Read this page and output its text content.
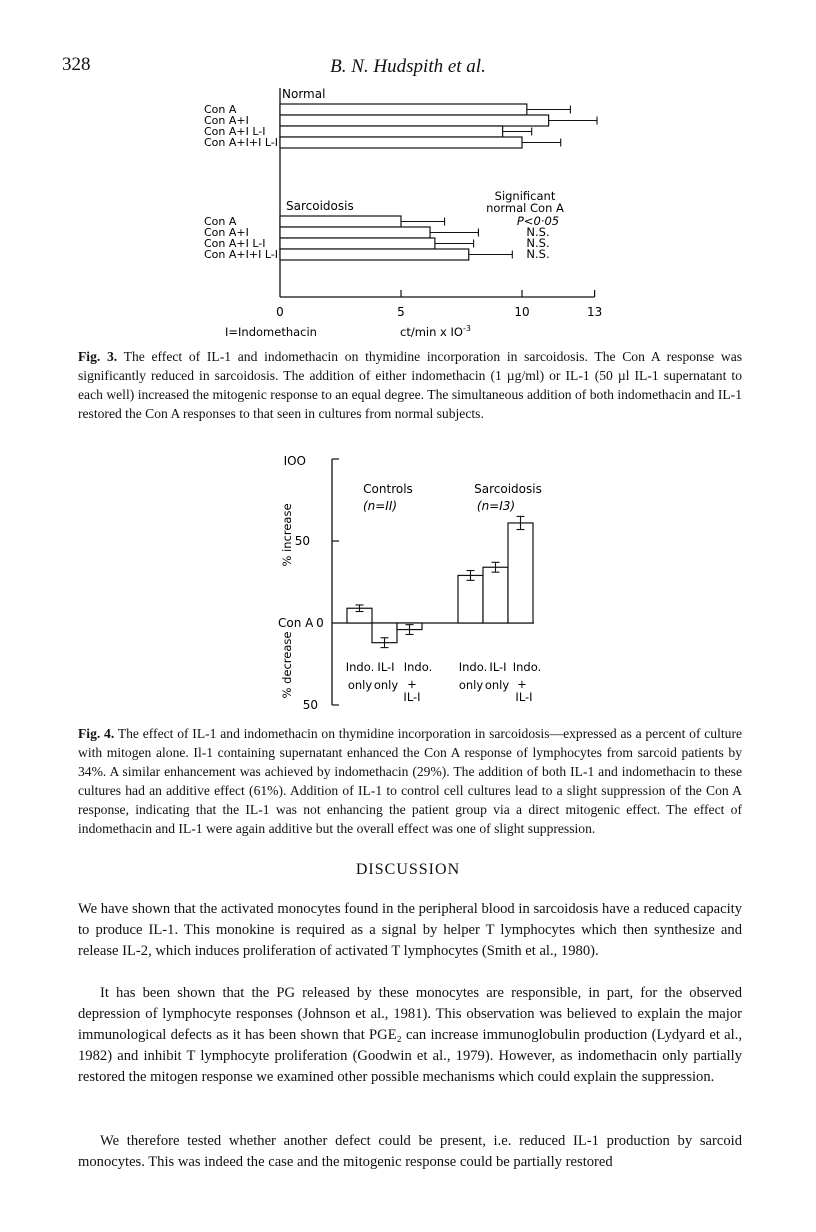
328	B. N. Hudspith et al.
0	5	10	13
Con A
Con A+I
Con A+I L-I
Con A+I+I L-I
Con A	P<0·05
Con A+I	N.S.
Con A+I L-I	N.S.
Con A+I+I L-I	N.S.
Normal
Sarcoidosis
Significant
normal Con A
I=Indomethacin	ct/min x $IO^{-3}$
Fig. 3. The effect of IL-1 and indomethacin on thymidine incorporation in sarcoidosis. The Con A response was significantly reduced in sarcoidosis. The addition of either indomethacin (1 µg/ml) or IL-1 (50 µl IL-1 supernatant to each well) increased the mitogenic response to an equal degree. The simultaneous addition of both indomethacin and IL-1 restored the Con A responses to that seen in cultures from normal subjects.
IOO
50
Con A 0
50
% increase
% decrease
Controls
(n=II)
Sarcoidosis
(n=I3)
Indo.
only
IL-I
only
Indo.
+
IL-I
Indo.
only
IL-I
only
Indo.
+
IL-I
Fig. 4. The effect of IL-1 and indomethacin on thymidine incorporation in sarcoidosis—expressed as a percent of culture with mitogen alone. Il-1 containing supernatant enhanced the Con A response of lymphocytes from sarcoid patients by 34%. A similar enhancement was achieved by indomethacin (29%). The addition of both IL-1 and indomethacin to these cultures had an additive effect (61%). Addition of IL-1 to control cell cultures lead to a slight suppression of the Con A response, indicating that the IL-1 was not enhancing the patient group via a direct mitogenic effect. The effect of indomethacin and IL-1 were again additive but the overall effect was one of slight suppression.
DISCUSSION
We have shown that the activated monocytes found in the peripheral blood in sarcoidosis have a reduced capacity to produce IL-1. This monokine is required as a signal by helper T lymphocytes which then synthesize and release IL-2, which induces proliferation of activated T lymphocytes (Smith et al., 1980).
It has been shown that the PG released by these monocytes are responsible, in part, for the observed depression of lymphocyte responses (Johnson et al., 1981). This observation was believed to explain the major immunological defects as it has been shown that PGE₂ can increase immunoglobulin production (Lydyard et al., 1982) and inhibit T lymphocyte proliferation (Goodwin et al., 1979). However, as indomethacin only partially restored the mitogen response we examined other possible mechanisms which could explain the suppression.
We therefore tested whether another defect could be present, i.e. reduced IL-1 production by sarcoid monocytes. This was indeed the case and the mitogenic response could be partially restored
